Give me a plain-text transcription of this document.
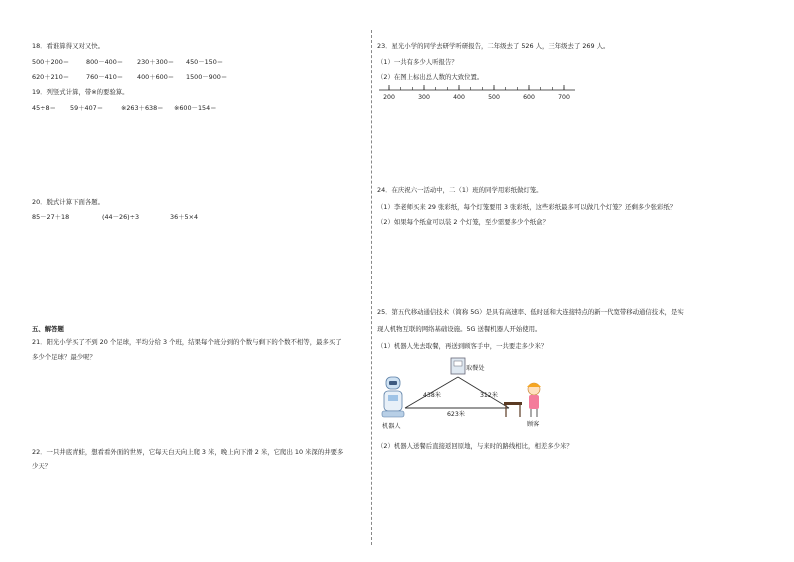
18．看谁算得又对又快。
500＋200＝	800－400＝ 230＋300＝ 450－150＝
620＋210＝	760－410＝ 400＋600＝ 1500－900＝
19．列竖式计算，带※的要验算。
45÷8＝ 59＋407＝	※263＋638＝ ※600－154＝
20．脱式计算下面各题。
85－27＋18	(44－26)÷3	36＋5×4
五、解答题
21．阳光小学买了不到 20 个足球，平均分给 3 个班，结果每个班分到的个数与剩下的个数不相等，最多买了
多少个足球？最少呢？
22．一只井底青蛙，想看看外面的世界，它每天白天向上爬 3 米，晚上向下滑 2 米，它爬出 10 米深的井要多
少天？
23．星光小学的同学去研学听研报告，二年级去了 526 人，三年级去了 269 人。
（1）一共有多少人听报告？
（2）在图上标出总人数的大致位置。
200	300	400	500	600	700
24．在庆祝六一活动中，二（1）班的同学用彩纸做灯笼。
（1）李老师买来 29 张彩纸，每个灯笼要用 3 张彩纸，这些彩纸最多可以做几个灯笼？还剩多少张彩纸？
（2）如果每个纸盒可以装 2 个灯笼，至少需要多少个纸盒？
25．第五代移动通信技术（简称 5G）是具有高速率、低时延和大连接特点的新一代宽带移动通信技术，是实
现人机物互联的网络基础设施。5G 送餐机器人开始使用。
（1）机器人先去取餐，再送到顾客手中，一共要走多少米？
438米	312米
623米
取餐处
机器人	顾客
（2）机器人送餐后直接返回原地，与来时的路线相比，相差多少米？
